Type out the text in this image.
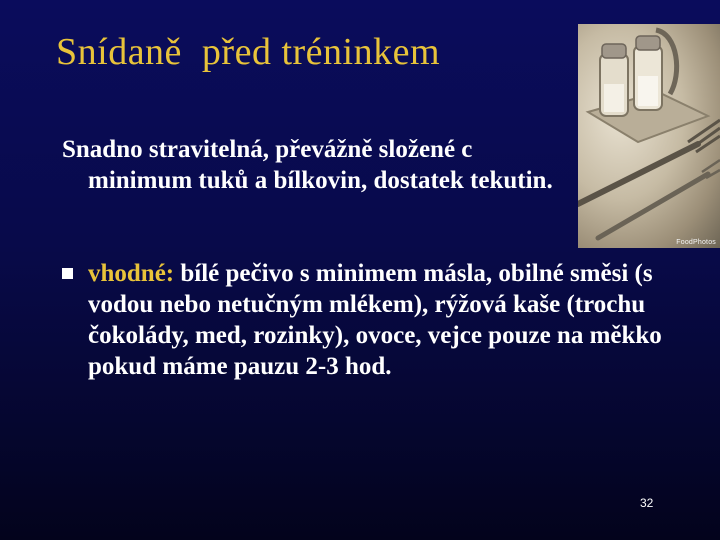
Snídaně  před tréninkem
FoodPhotos
Snadno stravitelná, převážně složené c
minimum tuků a bílkovin, dostatek tekutin.
vhodné: bílé pečivo s minimem másla, obilné směsi (s vodou nebo netučným mlékem), rýžová kaše (trochu čokolády, med, rozinky), ovoce, vejce pouze na měkko pokud máme pauzu 2-3 hod.
32
